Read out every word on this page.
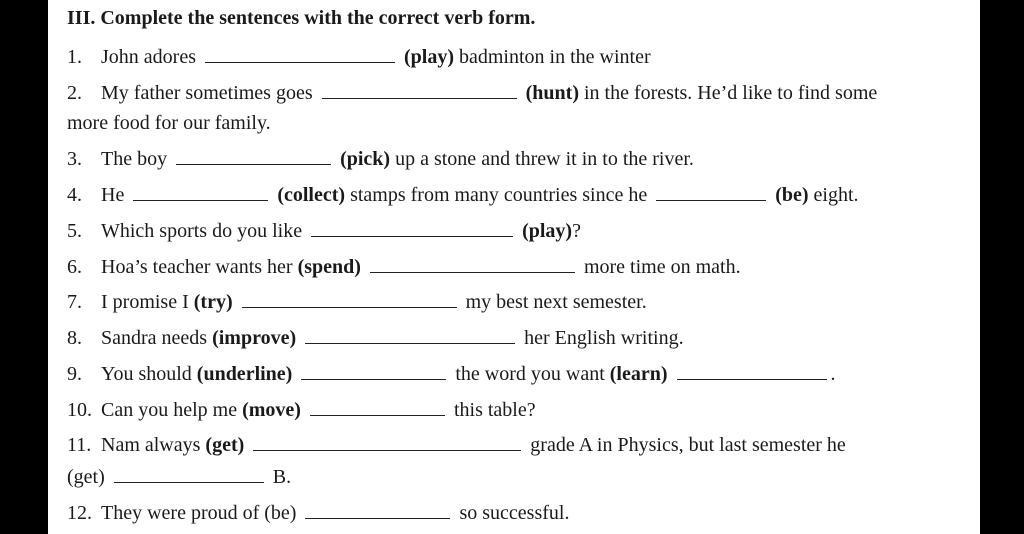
III. Complete the sentences with the correct verb form.
1. John adores	(play) badminton in the winter
2. My father sometimes goes	(hunt) in the forests. He’d like to find some
more food for our family.
3. The boy	(pick) up a stone and threw it in to the river.
4. He	(collect) stamps from many countries since he	(be) eight.
5. Which sports do you like	(play)?
6. Hoa’s teacher wants her (spend)	more time on math.
7. I promise I (try)	my best next semester.
8. Sandra needs (improve)	her English writing.
9. You should (underline)	the word you want (learn)	.
10. Can you help me (move)	this table?
11. Nam always (get)	grade A in Physics, but last semester he
(get)	B.
12. They were proud of (be)	so successful.
